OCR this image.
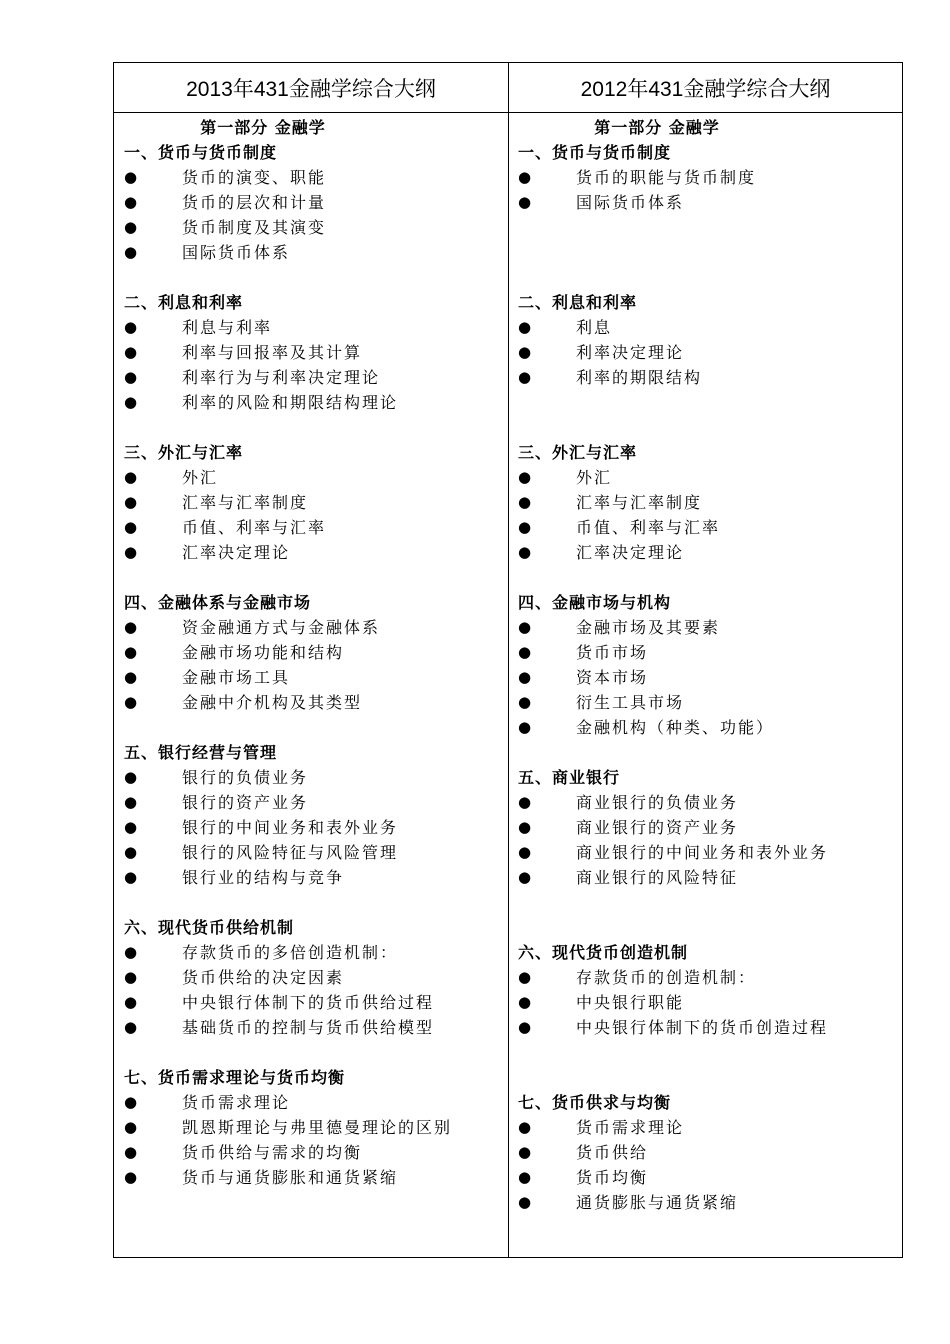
2013年431金融学综合大纲	2012年431金融学综合大纲
第一部分 金融学
一、货币与货币制度
●	货币的演变、职能
●	货币的层次和计量
●	货币制度及其演变
●	国际货币体系
二、利息和利率
●	利息与利率
●	利率与回报率及其计算
●	利率行为与利率决定理论
●	利率的风险和期限结构理论
三、外汇与汇率
●	外汇
●	汇率与汇率制度
●	币值、利率与汇率
●	汇率决定理论
四、金融体系与金融市场
●	资金融通方式与金融体系
●	金融市场功能和结构
●	金融市场工具
●	金融中介机构及其类型
五、银行经营与管理
●	银行的负债业务
●	银行的资产业务
●	银行的中间业务和表外业务
●	银行的风险特征与风险管理
●	银行业的结构与竞争
六、现代货币供给机制
●	存款货币的多倍创造机制：
●	货币供给的决定因素
●	中央银行体制下的货币供给过程
●	基础货币的控制与货币供给模型
七、货币需求理论与货币均衡
●	货币需求理论
●	凯恩斯理论与弗里德曼理论的区别
●	货币供给与需求的均衡
●	货币与通货膨胀和通货紧缩
第一部分 金融学
一、货币与货币制度
●	货币的职能与货币制度
●	国际货币体系
二、利息和利率
●	利息
●	利率决定理论
●	利率的期限结构
三、外汇与汇率
●	外汇
●	汇率与汇率制度
●	币值、利率与汇率
●	汇率决定理论
四、金融市场与机构
●	金融市场及其要素
●	货币市场
●	资本市场
●	衍生工具市场
●	金融机构（种类、功能）
五、商业银行
●	商业银行的负债业务
●	商业银行的资产业务
●	商业银行的中间业务和表外业务
●	商业银行的风险特征
六、现代货币创造机制
●	存款货币的创造机制：
●	中央银行职能
●	中央银行体制下的货币创造过程
七、货币供求与均衡
●	货币需求理论
●	货币供给
●	货币均衡
●	通货膨胀与通货紧缩
